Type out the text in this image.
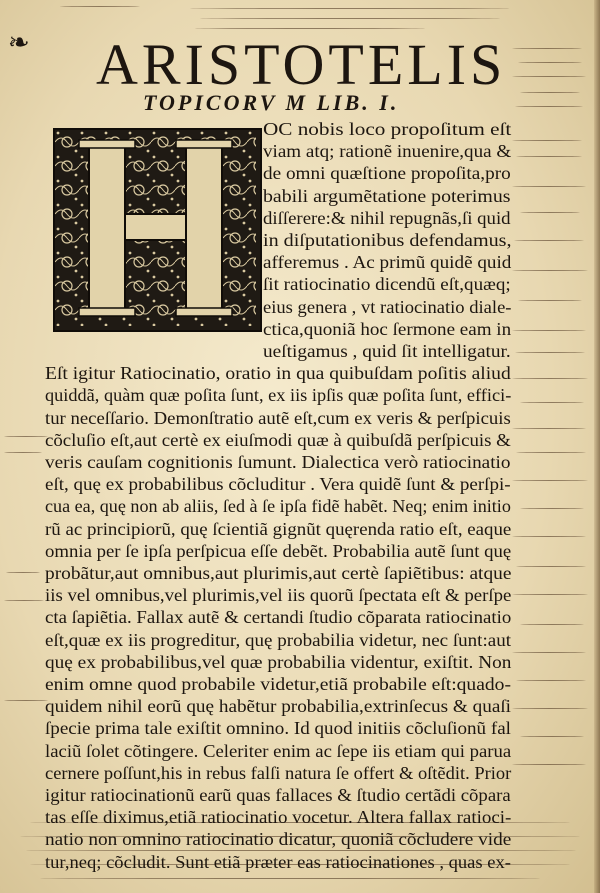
❧ ARISTOTELIS
TOPICORV M LIB. I.
OC nobis loco propoſitum eſt
viam atq; rationẽ inuenire,qua &
de omni quæſtione propoſita,pro
babili argumẽtatione poterimus
diſſerere:& nihil repugnãs,ſi quid
in diſputationibus defendamus,
afferemus . Ac primũ quidẽ quid
ſit ratiocinatio dicendũ eſt,quæq;
eius genera , vt ratiocinatio diale-
ctica,quoniã hoc ſermone eam in
ueſtigamus , quid ſit intelligatur.
Eſt igitur Ratiocinatio, oratio in qua quibuſdam poſitis aliud
quiddã, quàm quæ poſita ſunt, ex iis ipſis quæ poſita ſunt, effici-
tur neceſſario. Demonſtratio autẽ eſt,cum ex veris & perſpicuis
cõcluſio eſt,aut certè ex eiuſmodi quæ à quibuſdã perſpicuis &
veris cauſam cognitionis ſumunt. Dialectica verò ratiocinatio
eſt, quę ex probabilibus cõcluditur . Vera quidẽ ſunt & perſpi-
cua ea, quę non ab aliis, ſed à ſe ipſa fidẽ habẽt. Neq; enim initio
rũ ac principiorũ, quę ſcientiã gignũt quęrenda ratio eſt, eaque
omnia per ſe ipſa perſpicua eſſe debẽt. Probabilia autẽ ſunt quę
probãtur,aut omnibus,aut plurimis,aut certè ſapiẽtibus: atque
iis vel omnibus,vel plurimis,vel iis quorũ ſpectata eſt & perſpe
cta ſapiẽtia. Fallax autẽ & certandi ſtudio cõparata ratiocinatio
eſt,quæ ex iis progreditur, quę probabilia videtur, nec ſunt:aut
quę ex probabilibus,vel quæ probabilia videntur, exiſtit. Non
enim omne quod probabile videtur,etiã probabile eſt:quado-
quidem nihil eorũ quę habẽtur probabilia,extrinſecus & quaſi
ſpecie prima tale exiſtit omnino. Id quod initiis cõcluſionũ fal
laciũ ſolet cõtingere. Celeriter enim ac ſepe iis etiam qui parua
cernere poſſunt,his in rebus falſi natura ſe offert & oſtẽdit. Prior
igitur ratiocinationũ earũ quas fallaces & ſtudio certãdi cõpara
tas eſſe diximus,etiã ratiocinatio vocetur. Altera fallax ratioci-
natio non omnino ratiocinatio dicatur, quoniã cõcludere vide
tur,neq; cõcludit. Sunt etiã præter eas ratiocinationes , quas ex-
